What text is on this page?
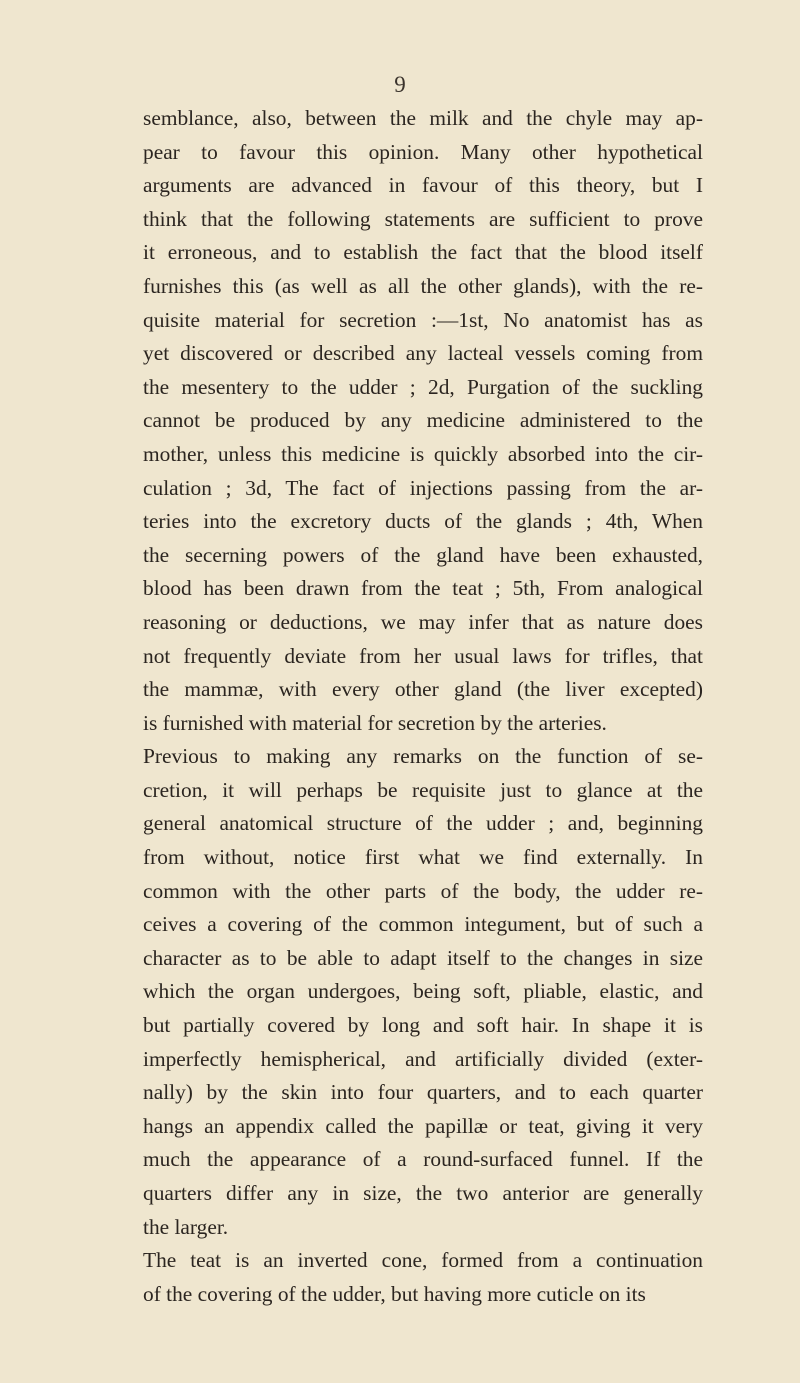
9

semblance, also, between the milk and the chyle may ap-

pear to favour this opinion. Many other hypothetical

arguments are advanced in favour of this theory, but I

think that the following statements are sufficient to prove

it erroneous, and to establish the fact that the blood itself

furnishes this (as well as all the other glands), with the re-

quisite material for secretion :—1st, No anatomist has as

yet discovered or described any lacteal vessels coming from

the mesentery to the udder ; 2d, Purgation of the suckling

cannot be produced by any medicine administered to the

mother, unless this medicine is quickly absorbed into the cir-

culation ; 3d, The fact of injections passing from the ar-

teries into the excretory ducts of the glands ; 4th, When

the secerning powers of the gland have been exhausted,

blood has been drawn from the teat ; 5th, From analogical

reasoning or deductions, we may infer that as nature does

not frequently deviate from her usual laws for trifles, that

the mammæ, with every other gland (the liver excepted)

is furnished with material for secretion by the arteries.

Previous to making any remarks on the function of se-

cretion, it will perhaps be requisite just to glance at the

general anatomical structure of the udder ; and, beginning

from without, notice first what we find externally. In

common with the other parts of the body, the udder re-

ceives a covering of the common integument, but of such a

character as to be able to adapt itself to the changes in size

which the organ undergoes, being soft, pliable, elastic, and

but partially covered by long and soft hair. In shape it is

imperfectly hemispherical, and artificially divided (exter-

nally) by the skin into four quarters, and to each quarter

hangs an appendix called the papillæ or teat, giving it very

much the appearance of a round-surfaced funnel. If the

quarters differ any in size, the two anterior are generally

the larger.

The teat is an inverted cone, formed from a continuation

of the covering of the udder, but having more cuticle on its
